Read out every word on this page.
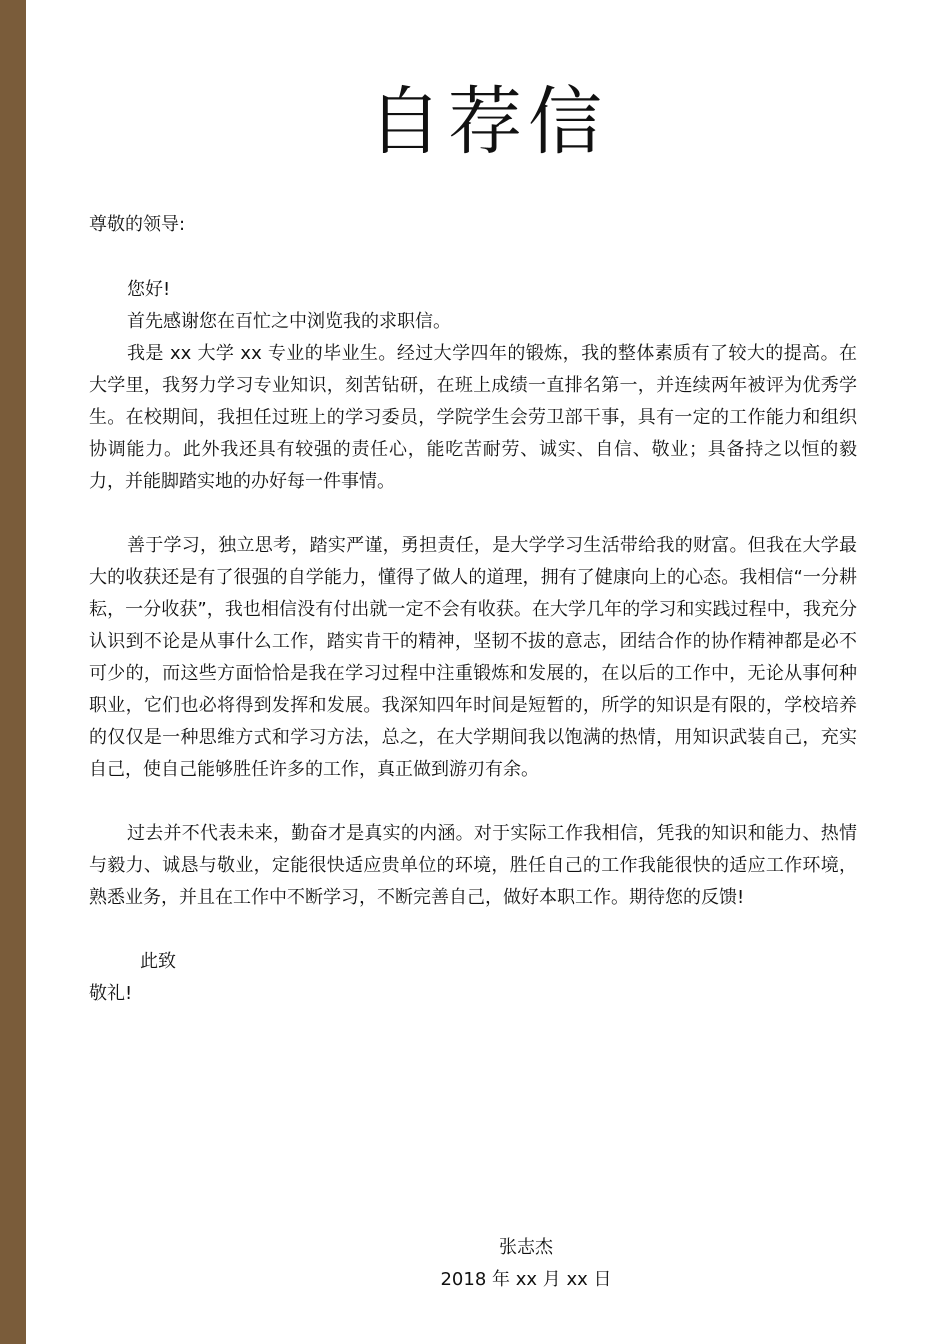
自荐信

尊敬的领导:

您好!

首先感谢您在百忙之中浏览我的求职信。

我是 xx 大学 xx 专业的毕业生。经过大学四年的锻炼，我的整体素质有了较大的提高。在大学里，我努力学习专业知识，刻苦钻研，在班上成绩一直排名第一，并连续两年被评为优秀学生。在校期间，我担任过班上的学习委员，学院学生会劳卫部干事，具有一定的工作能力和组织协调能力。此外我还具有较强的责任心，能吃苦耐劳、诚实、自信、敬业；具备持之以恒的毅力，并能脚踏实地的办好每一件事情。

善于学习，独立思考，踏实严谨，勇担责任，是大学学习生活带给我的财富。但我在大学最大的收获还是有了很强的自学能力，懂得了做人的道理，拥有了健康向上的心态。我相信“一分耕耘，一分收获”，我也相信没有付出就一定不会有收获。在大学几年的学习和实践过程中，我充分认识到不论是从事什么工作，踏实肯干的精神，坚韧不拔的意志，团结合作的协作精神都是必不可少的，而这些方面恰恰是我在学习过程中注重锻炼和发展的，在以后的工作中，无论从事何种职业，它们也必将得到发挥和发展。我深知四年时间是短暂的，所学的知识是有限的，学校培养的仅仅是一种思维方式和学习方法，总之，在大学期间我以饱满的热情，用知识武装自己，充实自己，使自己能够胜任许多的工作，真正做到游刃有余。

过去并不代表未来，勤奋才是真实的内涵。对于实际工作我相信，凭我的知识和能力、热情与毅力、诚恳与敬业，定能很快适应贵单位的环境，胜任自己的工作我能很快的适应工作环境，熟悉业务，并且在工作中不断学习，不断完善自己，做好本职工作。期待您的反馈!

此致

敬礼!

张志杰
2018 年 xx 月 xx 日
